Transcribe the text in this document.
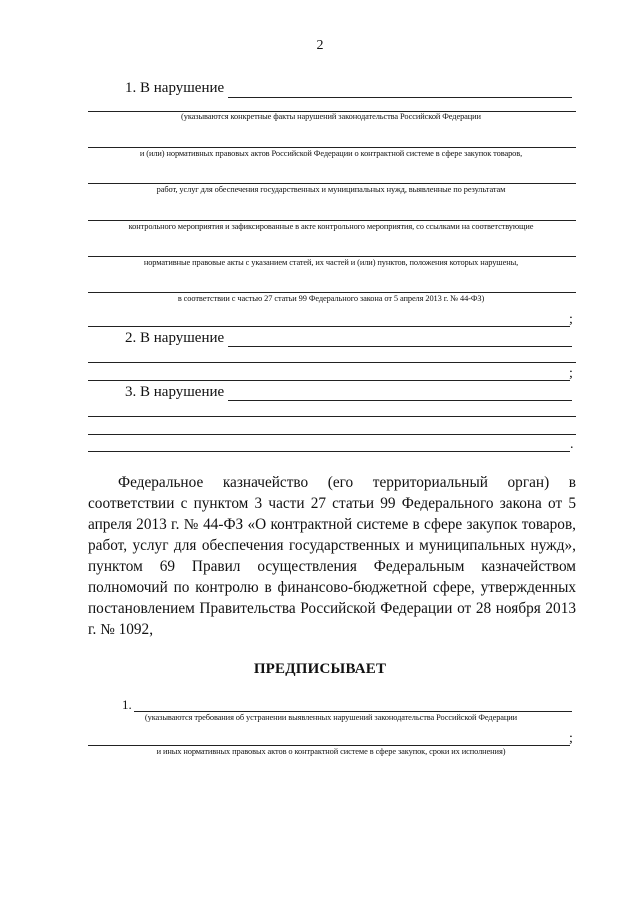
2
1. В нарушение
(указываются конкретные факты нарушений законодательства Российской Федерации
и (или) нормативных правовых актов Российской Федерации о контрактной системе в сфере закупок товаров,
работ, услуг для обеспечения государственных и муниципальных нужд, выявленные по результатам
контрольного мероприятия и зафиксированные в акте контрольного мероприятия, со ссылками на соответствующие
нормативные правовые акты с указанием статей, их частей и (или) пунктов, положения которых нарушены,
в соответствии с частью 27 статьи 99 Федерального закона от 5 апреля 2013 г. № 44-ФЗ)
;
2. В нарушение
;
3. В нарушение
.

Федеральное казначейство (его территориальный орган) в соответствии с пунктом 3 части 27 статьи 99 Федерального закона от 5 апреля 2013 г. № 44-ФЗ «О контрактной системе в сфере закупок товаров, работ, услуг для обеспечения государственных и муниципальных нужд», пунктом 69 Правил осуществления Федеральным казначейством полномочий по контролю в финансово-бюджетной сфере, утвержденных постановлением Правительства Российской Федерации от 28 ноября 2013 г. № 1092,

ПРЕДПИСЫВАЕТ
1.
(указываются требования об устранении выявленных нарушений законодательства Российской Федерации
;
и иных нормативных правовых актов о контрактной системе в сфере закупок, сроки их исполнения)
